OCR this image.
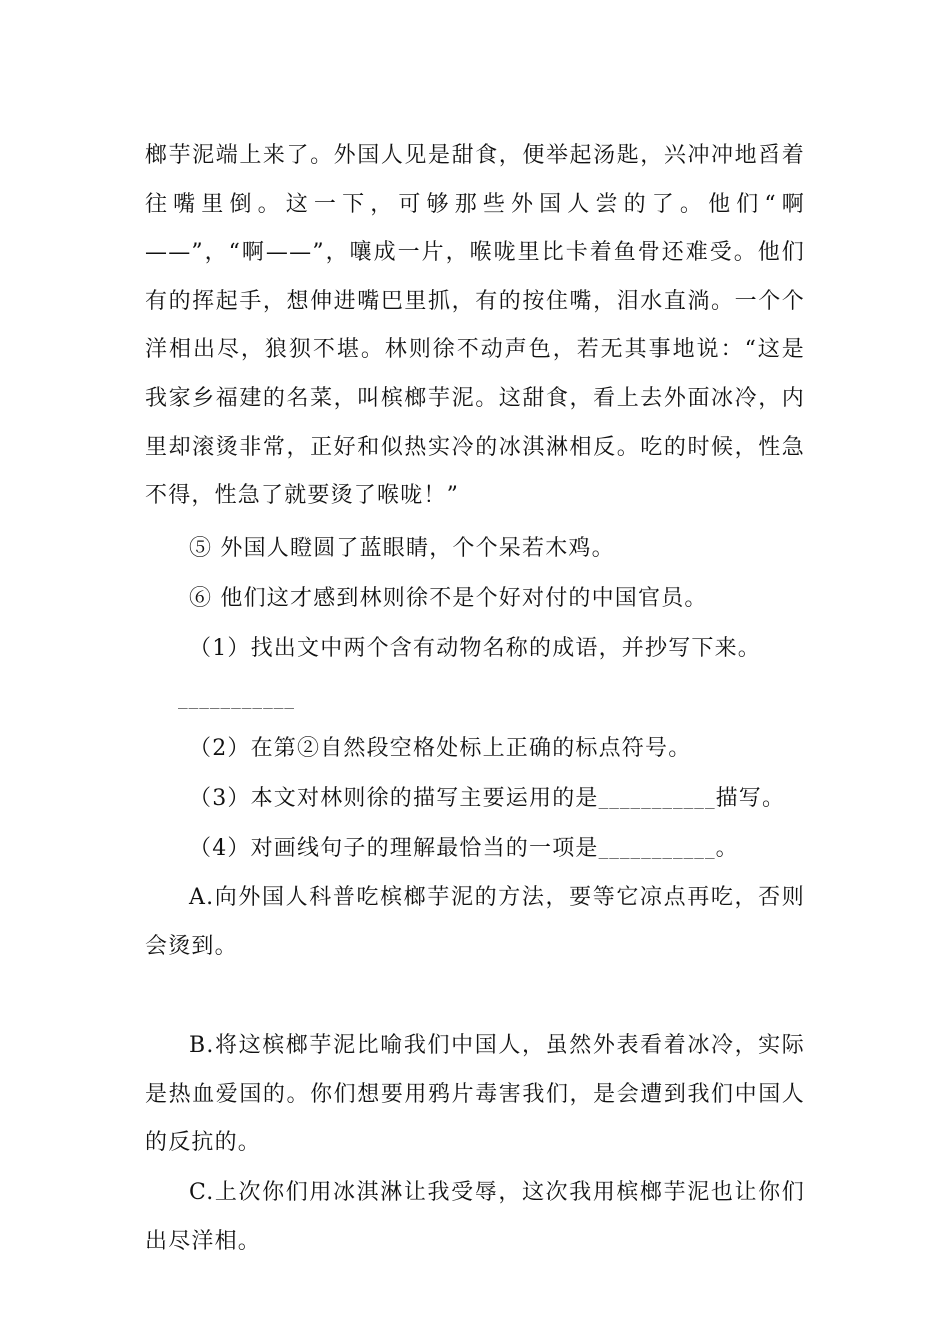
榔芋泥端上来了。外国人见是甜食，便举起汤匙，兴冲冲地舀着往嘴里倒。这一下，可够那些外国人尝的了。他们“啊——”，“啊——”，嚷成一片，喉咙里比卡着鱼骨还难受。他们有的挥起手，想伸进嘴巴里抓，有的按住嘴，泪水直淌。一个个洋相出尽，狼狈不堪。林则徐不动声色，若无其事地说：“这是我家乡福建的名菜，叫槟榔芋泥。这甜食，看上去外面冰冷，内里却滚烫非常，正好和似热实冷的冰淇淋相反。吃的时候，性急不得，性急了就要烫了喉咙！”
⑤ 外国人瞪圆了蓝眼睛，个个呆若木鸡。
⑥ 他们这才感到林则徐不是个好对付的中国官员。
（1）找出文中两个含有动物名称的成语，并抄写下来。
___________
（2）在第②自然段空格处标上正确的标点符号。
（3）本文对林则徐的描写主要运用的是___________描写。
（4）对画线句子的理解最恰当的一项是___________。
A.向外国人科普吃槟榔芋泥的方法，要等它凉点再吃，否则会烫到。
B.将这槟榔芋泥比喻我们中国人，虽然外表看着冰冷，实际是热血爱国的。你们想要用鸦片毒害我们，是会遭到我们中国人的反抗的。
C.上次你们用冰淇淋让我受辱，这次我用槟榔芋泥也让你们出尽洋相。
